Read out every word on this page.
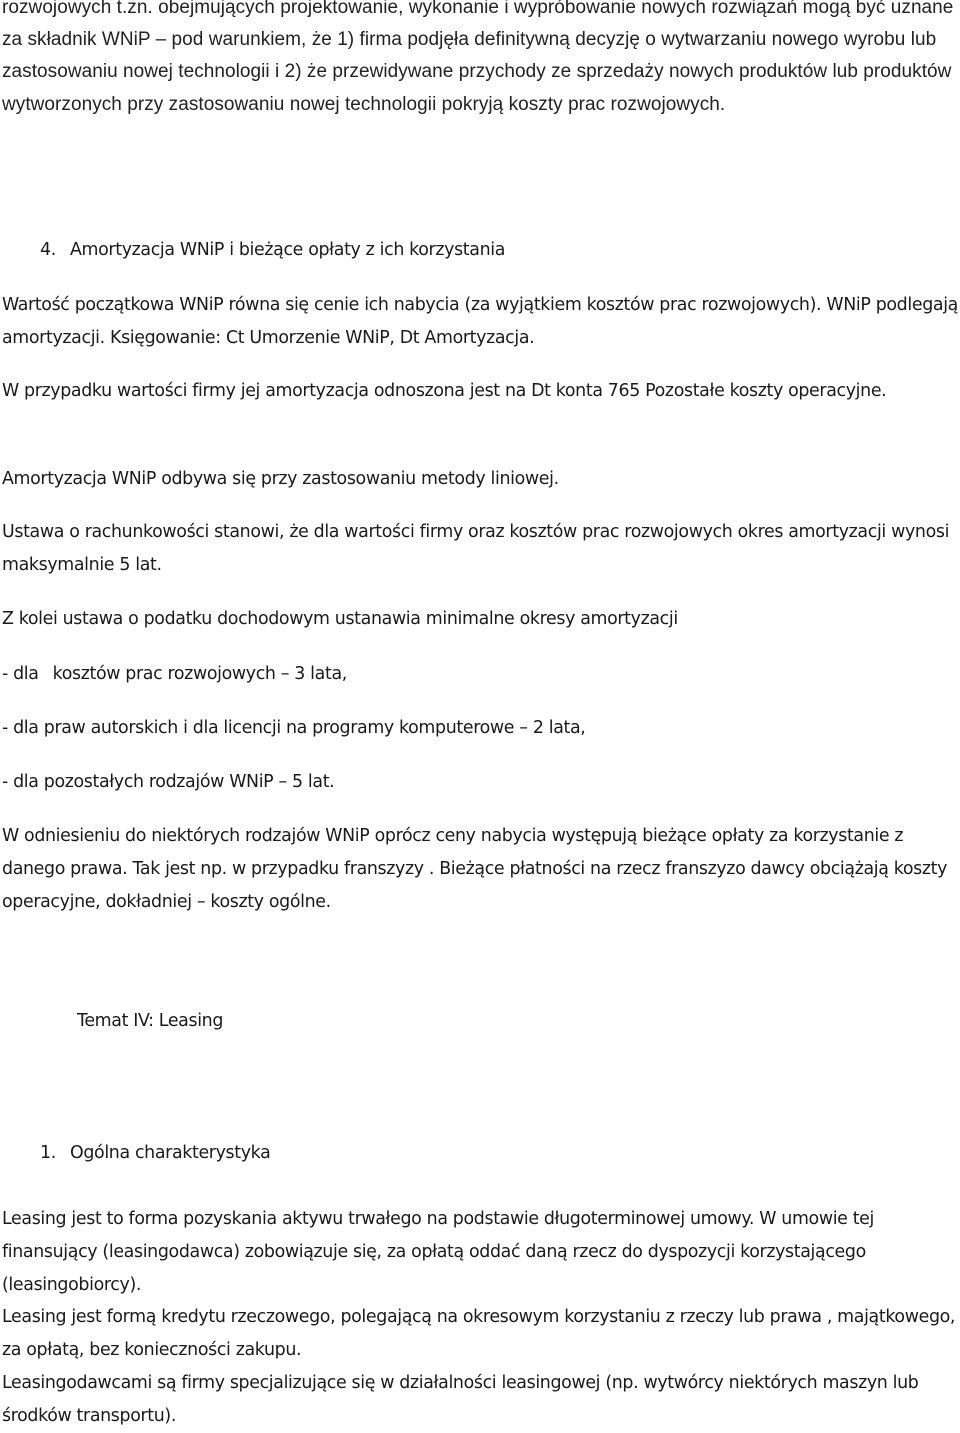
rozwojowych t.zn. obejmujących projektowanie, wykonanie i wypróbowanie nowych rozwiązań mogą być uznane za składnik WNiP – pod warunkiem, że 1) firma podjęła definitywną decyzję o wytwarzaniu nowego wyrobu lub zastosowaniu nowej technologii i 2) że przewidywane przychody ze sprzedaży nowych produktów lub produktów wytworzonych przy zastosowaniu nowej technologii pokryją koszty prac rozwojowych.

4. Amortyzacja WNiP i bieżące opłaty z ich korzystania

Wartość początkowa WNiP równa się cenie ich nabycia (za wyjątkiem kosztów prac rozwojowych). WNiP podlegają amortyzacji. Księgowanie: Ct Umorzenie WNiP, Dt Amortyzacja.

W przypadku wartości firmy jej amortyzacja odnoszona jest na Dt konta 765 Pozostałe koszty operacyjne.

Amortyzacja WNiP odbywa się przy zastosowaniu metody liniowej.

Ustawa o rachunkowości stanowi, że dla wartości firmy oraz kosztów prac rozwojowych okres amortyzacji wynosi maksymalnie 5 lat.

Z kolei ustawa o podatku dochodowym ustanawia minimalne okresy amortyzacji

- dla kosztów prac rozwojowych – 3 lata,

- dla praw autorskich i dla licencji na programy komputerowe – 2 lata,

- dla pozostałych rodzajów WNiP – 5 lat.

W odniesieniu do niektórych rodzajów WNiP oprócz ceny nabycia występują bieżące opłaty za korzystanie z danego prawa. Tak jest np. w przypadku franszyzy . Bieżące płatności na rzecz franszyzo dawcy obciążają koszty operacyjne, dokładniej – koszty ogólne.

Temat IV: Leasing

1. Ogólna charakterystyka

Leasing jest to forma pozyskania aktywu trwałego na podstawie długoterminowej umowy. W umowie tej finansujący (leasingodawca) zobowiązuje się, za opłatą oddać daną rzecz do dyspozycji korzystającego (leasingobiorcy).

Leasing jest formą kredytu rzeczowego, polegającą na okresowym korzystaniu z rzeczy lub prawa , majątkowego, za opłatą, bez konieczności zakupu.

Leasingodawcami są firmy specjalizujące się w działalności leasingowej (np. wytwórcy niektórych maszyn lub środków transportu).
